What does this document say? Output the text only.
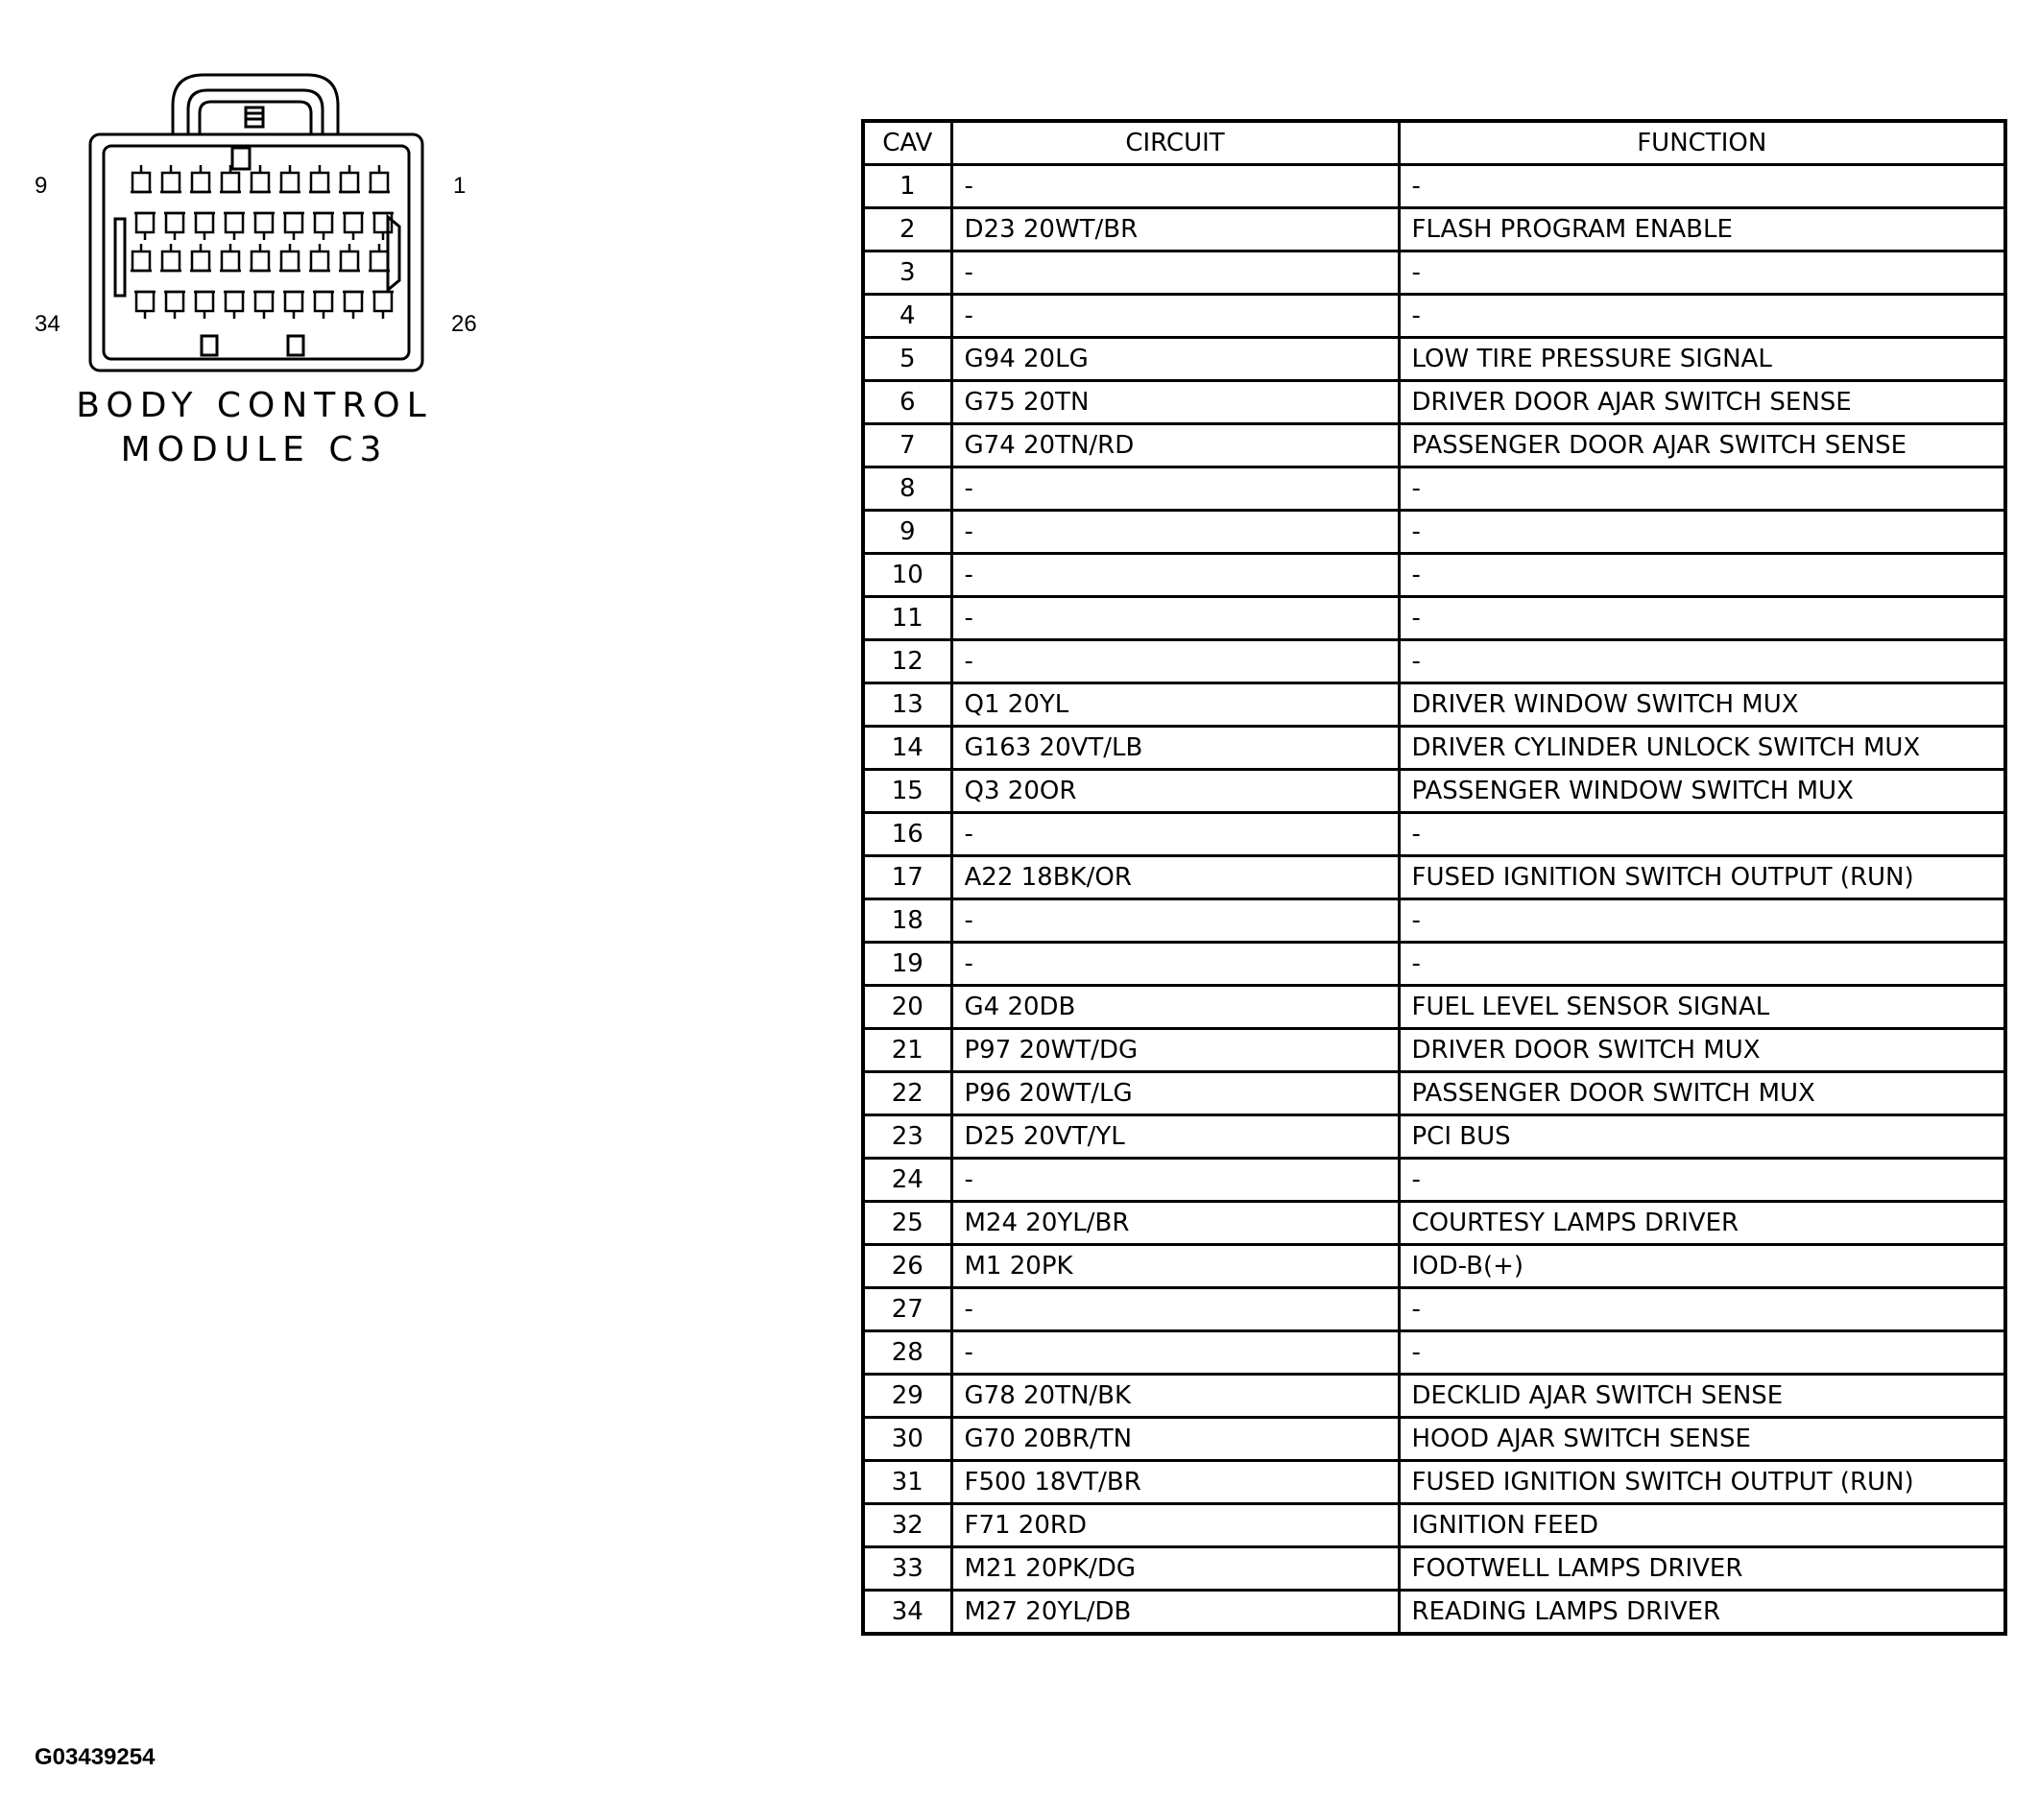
9	1
34	26
BODY CONTROL
MODULE C3
CAV	CIRCUIT	FUNCTION
1	-	-
2	D23 20WT/BR	FLASH PROGRAM ENABLE
3	-	-
4	-	-
5	G94 20LG	LOW TIRE PRESSURE SIGNAL
6	G75 20TN	DRIVER DOOR AJAR SWITCH SENSE
7	G74 20TN/RD	PASSENGER DOOR AJAR SWITCH SENSE
8	-	-
9	-	-
10	-	-
11	-	-
12	-	-
13	Q1 20YL	DRIVER WINDOW SWITCH MUX
14	G163 20VT/LB	DRIVER CYLINDER UNLOCK SWITCH MUX
15	Q3 20OR	PASSENGER WINDOW SWITCH MUX
16	-	-
17	A22 18BK/OR	FUSED IGNITION SWITCH OUTPUT (RUN)
18	-	-
19	-	-
20	G4 20DB	FUEL LEVEL SENSOR SIGNAL
21	P97 20WT/DG	DRIVER DOOR SWITCH MUX
22	P96 20WT/LG	PASSENGER DOOR SWITCH MUX
23	D25 20VT/YL	PCI BUS
24	-	-
25	M24 20YL/BR	COURTESY LAMPS DRIVER
26	M1 20PK	IOD-B(+)
27	-	-
28	-	-
29	G78 20TN/BK	DECKLID AJAR SWITCH SENSE
30	G70 20BR/TN	HOOD AJAR SWITCH SENSE
31	F500 18VT/BR	FUSED IGNITION SWITCH OUTPUT (RUN)
32	F71 20RD	IGNITION FEED
33	M21 20PK/DG	FOOTWELL LAMPS DRIVER
34	M27 20YL/DB	READING LAMPS DRIVER
G03439254
